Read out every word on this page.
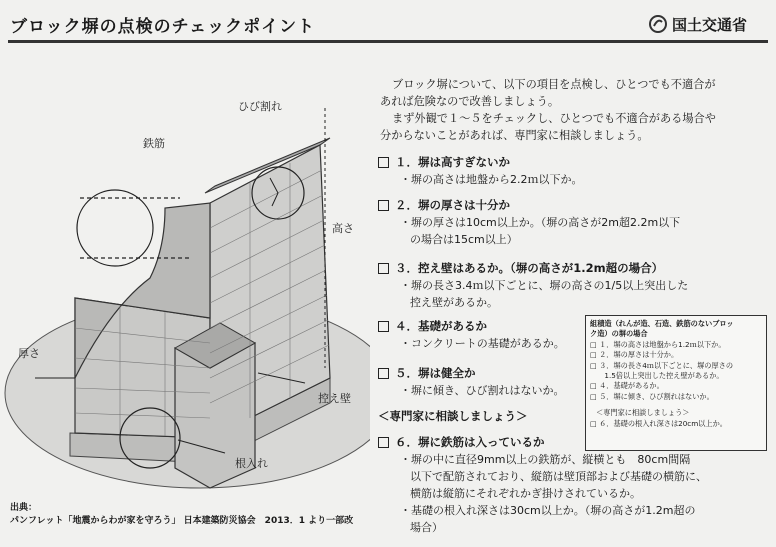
ブロック塀の点検のチェックポイント	国土交通省
ひび割れ
鉄筋
高さ
厚さ
控え壁
根入れ
ブロック塀について、以下の項目を点検し、ひとつでも不適合が
あれば危険なので改善しましょう。
まず外観で１～５をチェックし、ひとつでも不適合がある場合や
分からないことがあれば、専門家に相談しましょう。
１．塀は高すぎないか
・塀の高さは地盤から2.2ｍ以下か。
２．塀の厚さは十分か
・塀の厚さは10cm以上か。（塀の高さが2m超2.2m以下
の場合は15cm以上）
３．控え壁はあるか。（塀の高さが1.2m超の場合）
・塀の長さ3.4ｍ以下ごとに、塀の高さの1/5以上突出した
控え壁があるか。
４．基礎があるか
・コンクリートの基礎があるか。
５．塀は健全か
・塀に傾き、ひび割れはないか。
＜専門家に相談しましょう＞
６．塀に鉄筋は入っているか
・塀の中に直径9mm以上の鉄筋が、縦横とも　80cm間隔
以下で配筋されており、縦筋は壁頂部および基礎の横筋に、
横筋は縦筋にそれぞれかぎ掛けされているか。
・基礎の根入れ深さは30cm以上か。（塀の高さが1.2m超の
場合）
組積造（れんが造、石造、鉄筋のないブロッ
ク造）の塀の場合
□ １．塀の高さは地盤から1.2ｍ以下か。
□ ２．塀の厚さは十分か。
□ ３．塀の長さ4ｍ以下ごとに、塀の厚さの
　　1.5倍以上突出した控え壁があるか。
□ ４．基礎があるか。
□ ５．塀に傾き、ひび割れはないか。
＜専門家に相談しましょう＞
□ ６．基礎の根入れ深さは20cm以上か。
出典：
パンフレット「地震からわが家を守ろう」 日本建築防災協会　2013．1 より一部改
